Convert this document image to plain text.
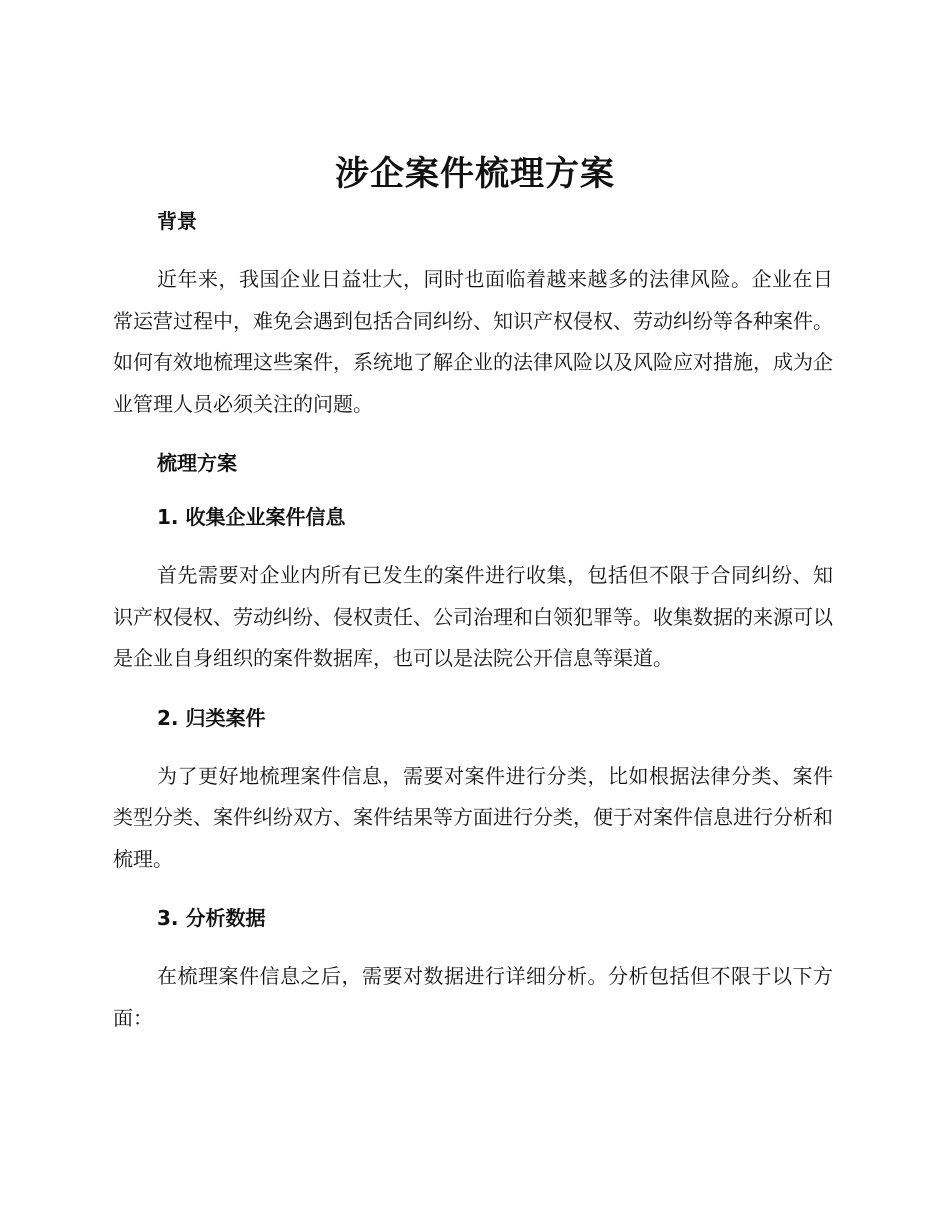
涉企案件梳理方案

背景

近年来，我国企业日益壮大，同时也面临着越来越多的法律风险。企业在日常运营过程中，难免会遇到包括合同纠纷、知识产权侵权、劳动纠纷等各种案件。如何有效地梳理这些案件，系统地了解企业的法律风险以及风险应对措施，成为企业管理人员必须关注的问题。

梳理方案

1. 收集企业案件信息

首先需要对企业内所有已发生的案件进行收集，包括但不限于合同纠纷、知识产权侵权、劳动纠纷、侵权责任、公司治理和白领犯罪等。收集数据的来源可以是企业自身组织的案件数据库，也可以是法院公开信息等渠道。

2. 归类案件

为了更好地梳理案件信息，需要对案件进行分类，比如根据法律分类、案件类型分类、案件纠纷双方、案件结果等方面进行分类，便于对案件信息进行分析和梳理。

3. 分析数据

在梳理案件信息之后，需要对数据进行详细分析。分析包括但不限于以下方面：
